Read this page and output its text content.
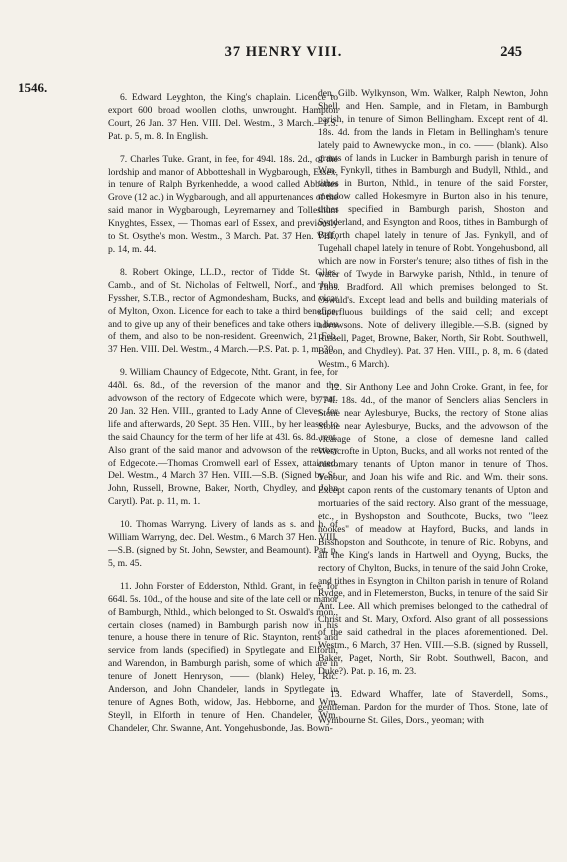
37 HENRY VIII.	245
1546.

6. Edward Leyghton, the King's chaplain. Licence to export 600 broad woollen cloths, unwrought. Hampton Court, 26 Jan. 37 Hen. VIII. Del. Westm., 3 March.—P.S. Pat. p. 5, m. 8. In English.

7. Charles Tuke. Grant, in fee, for 494l. 18s. 2d., of the lordship and manor of Abbotteshall in Wygbarough, Essex, in tenure of Ralph Byrkenhedde, a wood called Abbottes Grove (12 ac.) in Wygbarough, and all appurtenances of the said manor in Wygbarough, Leyremarney and Tolleshunt Knyghtes, Essex, — Thomas earl of Essex, and previously to St. Osythe's mon. Westm., 3 March. Pat. 37 Hen. VIII., p. 14, m. 44.

8. Robert Okinge, LL.D., rector of Tidde St. Giles, Camb., and of St. Nicholas of Feltwell, Norf., and John Fyssher, S.T.B., rector of Agmondesham, Bucks, and vicar of Mylton, Oxon. Licence for each to take a third benefice, and to give up any of their benefices and take others in lieu of them, and also to be non-resident. Greenwich, 21 Feb. 37 Hen. VIII. Del. Westm., 4 March.—P.S. Pat. p. 1, m. 30.

9. William Chauncy of Edgecote, Ntht. Grant, in fee, for 44ðl. 6s. 8d., of the reversion of the manor and the advowson of the rectory of Edgecote which were, by pat. 20 Jan. 32 Hen. VIII., granted to Lady Anne of Cleves, for life and afterwards, 20 Sept. 35 Hen. VIII., by her leased to the said Chauncy for the term of her life at 43l. 6s. 8d. rent. Also grant of the said manor and advowson of the rectory of Edgecote.—Thomas Cromwell earl of Essex, attainted. Del. Westm., 4 March 37 Hen. VIII.—S.B. (Signed by St. John, Russell, Browne, Baker, North, Chydley, and John Carytl). Pat. p. 11, m. 1.

10. Thomas Warryng. Livery of lands as s. and h. of William Warryng, dec. Del. Westm., 6 March 37 Hen. VIII. —S.B. (signed by St. John, Sewster, and Beamount). Pat. p. 5, m. 45.

11. John Forster of Edderston, Nthld. Grant, in fee, for 664l. 5s. 10d., of the house and site of the late cell or manor of Bamburgh, Nthld., which belonged to St. Oswald's mon., certain closes (named) in Bamburgh parish now in his tenure, a house there in tenure of Ric. Staynton, rents and service from lands (specified) in Spytlegate and Elforth, and Warendon, in Bamburgh parish, some of which are in tenure of Jonett Henryson, —— (blank) Heley, Ric. Anderson, and John Chandeler, lands in Spytlegate in tenure of Agnes Both, widow, Jas. Hebborne, and Wm. Steyll, in Elforth in tenure of Hen. Chandeler, Wm. Chandeler, Chr. Swanne, Ant. Yongehusbonde, Jas. Bown-

den, Gilb. Wylkynson, Wm. Walker, Ralph Newton, John Shell, and Hen. Sample, and in Fletam, in Bamburgh parish, in tenure of Simon Bellingham. Except rent of 4l. 18s. 4d. from the lands in Fletam in Bellingham's tenure lately paid to Awnewycke mon., in co. —— (blank). Also grants of lands in Lucker in Bamburgh parish in tenure of Wm. Fynkyll, tithes in Bamburgh and Budyll, Nthld., and tithes in Burton, Nthld., in tenure of the said Forster, meadow called Hokesmyre in Burton also in his tenure, tithes specified in Bamburgh parish, Shoston and Synderland, and Esyngton and Roos, tithes in Bamburgh of Belforth chapel lately in tenure of Jas. Fynkyll, and of Tugehall chapel lately in tenure of Robt. Yongehusbond, all which are now in Forster's tenure; also tithes of fish in the water of Twyde in Barwyke parish, Nthld., in tenure of Thos. Bradford. All which premises belonged to St. Oswald's. Except lead and bells and building materials of superfluous buildings of the said cell; and except advowsons. Note of delivery illegible.—S.B. (signed by Russell, Paget, Browne, Baker, North, Sir Robt. Southwell, Bacon, and Chydley). Pat. 37 Hen. VIII., p. 8, m. 6 (dated Westm., 6 March).

12. Sir Anthony Lee and John Croke. Grant, in fee, for 774l. 18s. 4d., of the manor of Senclers alias Senclers in Stone near Aylesburye, Bucks, the rectory of Stone alias Stone near Aylesburye, Bucks, and the advowson of the vicarage of Stone, a close of demesne land called Westcrofte in Upton, Bucks, and all works not rented of the customary tenants of Upton manor in tenure of Thos. Venour, and Joan his wife and Ric. and Wm. their sons. Except capon rents of the customary tenants of Upton and mortuaries of the said rectory. Also grant of the messuage, etc., in Byshopston and Southcote, Bucks, two "leez hookes" of meadow at Hayford, Bucks, and lands in Bisshopston and Southcote, in tenure of Ric. Robyns, and all the King's lands in Hartwell and Oyyng, Bucks, the rectory of Chylton, Bucks, in tenure of the said John Croke, and tithes in Esyngton in Chilton parish in tenure of Roland Rydge, and in Fletemerston, Bucks, in tenure of the said Sir Ant. Lee. All which premises belonged to the cathedral of Christ and St. Mary, Oxford. Also grant of all possessions of the said cathedral in the places aforementioned. Del. Westm., 6 March, 37 Hen. VIII.—S.B. (signed by Russell, Baker, Paget, North, Sir Robt. Southwell, Bacon, and Duke?). Pat. p. 16, m. 23.

13. Edward Whaffer, late of Staverdell, Soms., gentleman. Pardon for the murder of Thos. Stone, late of Wymbourne St. Giles, Dors., yeoman; with
